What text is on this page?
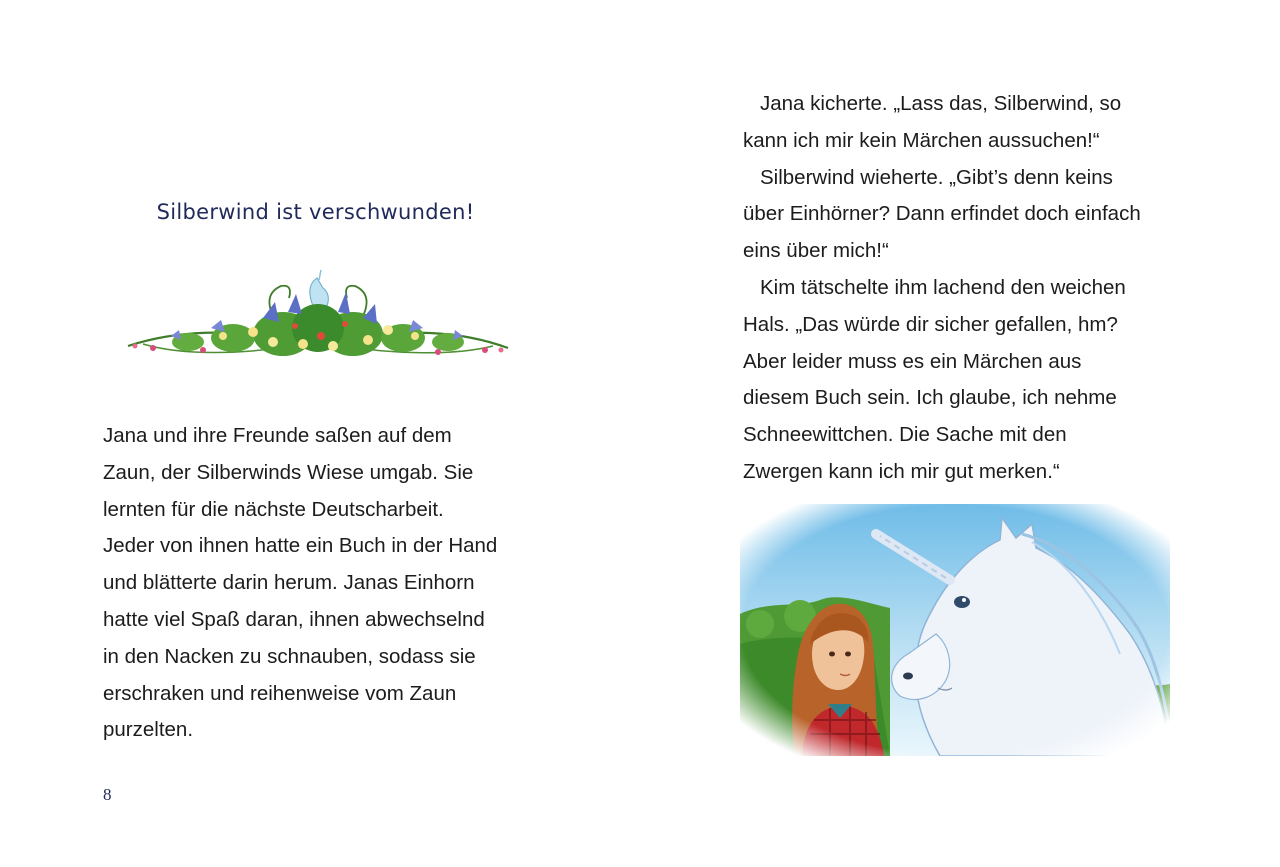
Silberwind ist verschwunden!

Jana und ihre Freunde saßen auf dem
Zaun, der Silberwinds Wiese umgab. Sie
lernten für die nächste Deutscharbeit.
Jeder von ihnen hatte ein Buch in der Hand
und blätterte darin herum. Janas Einhorn
hatte viel Spaß daran, ihnen abwechselnd
in den Nacken zu schnauben, sodass sie
erschraken und reihenweise vom Zaun
purzelten.

8

Jana kicherte. „Lass das, Silberwind, so
kann ich mir kein Märchen aussuchen!“
Silberwind wieherte. „Gibt’s denn keins
über Einhörner? Dann erfindet doch einfach
eins über mich!“
Kim tätschelte ihm lachend den weichen
Hals. „Das würde dir sicher gefallen, hm?
Aber leider muss es ein Märchen aus
diesem Buch sein. Ich glaube, ich nehme
Schneewittchen. Die Sache mit den
Zwergen kann ich mir gut merken.“
